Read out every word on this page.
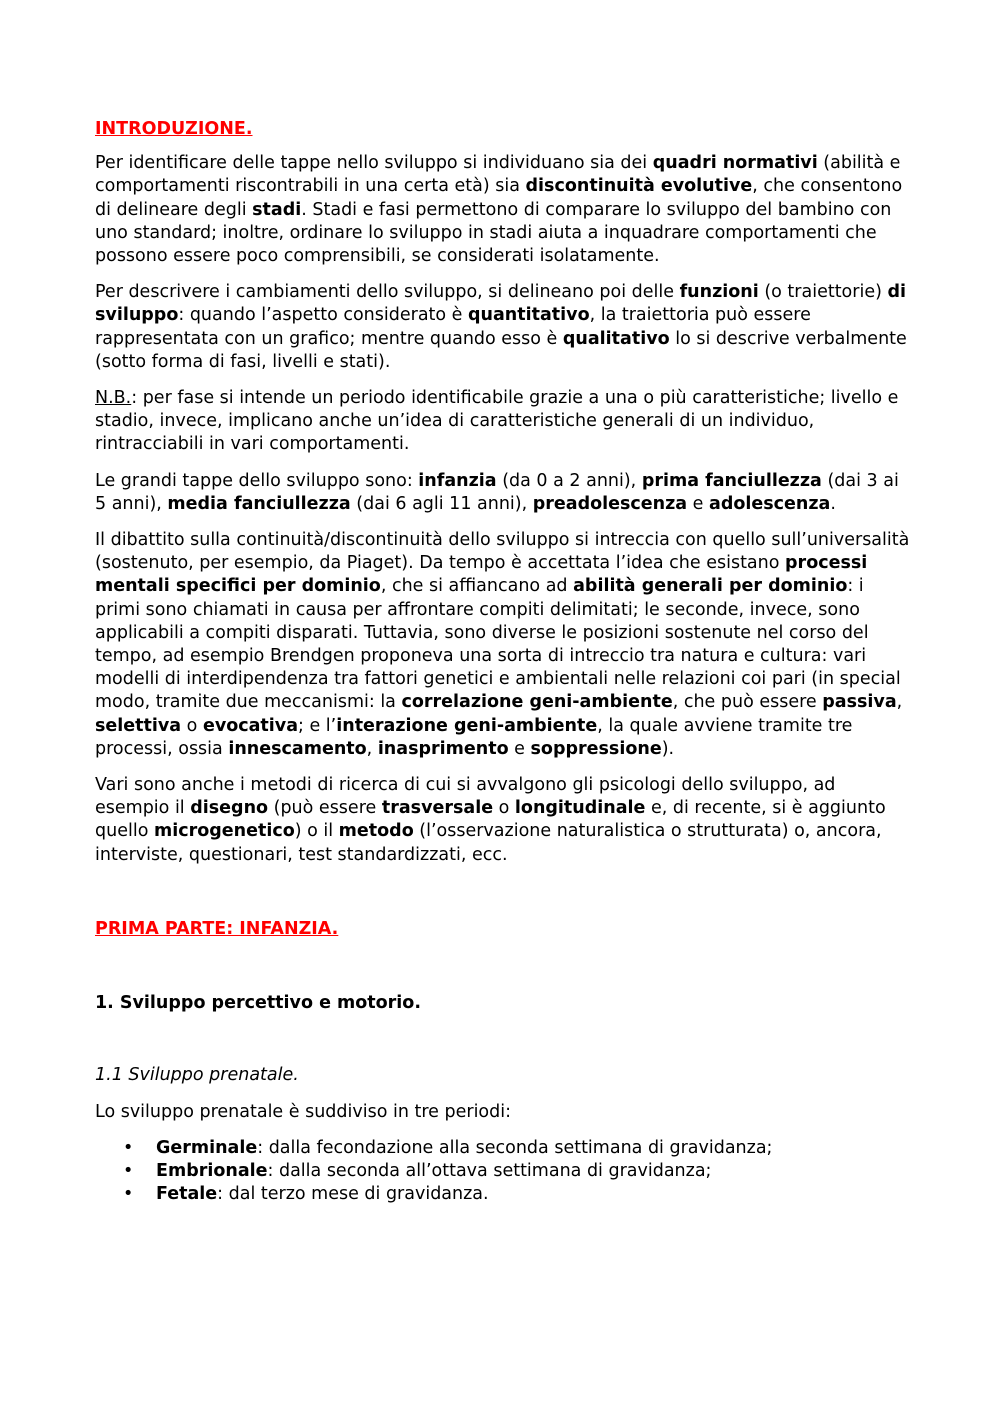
INTRODUZIONE.

Per identificare delle tappe nello sviluppo si individuano sia dei quadri normativi (abilità e comportamenti riscontrabili in una certa età) sia discontinuità evolutive, che consentono di delineare degli stadi. Stadi e fasi permettono di comparare lo sviluppo del bambino con uno standard; inoltre, ordinare lo sviluppo in stadi aiuta a inquadrare comportamenti che possono essere poco comprensibili, se considerati isolatamente.

Per descrivere i cambiamenti dello sviluppo, si delineano poi delle funzioni (o traiettorie) di sviluppo: quando l’aspetto considerato è quantitativo, la traiettoria può essere rappresentata con un grafico; mentre quando esso è qualitativo lo si descrive verbalmente (sotto forma di fasi, livelli e stati).

N.B.: per fase si intende un periodo identificabile grazie a una o più caratteristiche; livello e stadio, invece, implicano anche un’idea di caratteristiche generali di un individuo, rintracciabili in vari comportamenti.

Le grandi tappe dello sviluppo sono: infanzia (da 0 a 2 anni), prima fanciullezza (dai 3 ai 5 anni), media fanciullezza (dai 6 agli 11 anni), preadolescenza e adolescenza.

Il dibattito sulla continuità/discontinuità dello sviluppo si intreccia con quello sull’universalità (sostenuto, per esempio, da Piaget). Da tempo è accettata l’idea che esistano processi mentali specifici per dominio, che si affiancano ad abilità generali per dominio: i primi sono chiamati in causa per affrontare compiti delimitati; le seconde, invece, sono applicabili a compiti disparati. Tuttavia, sono diverse le posizioni sostenute nel corso del tempo, ad esempio Brendgen proponeva una sorta di intreccio tra natura e cultura: vari modelli di interdipendenza tra fattori genetici e ambientali nelle relazioni coi pari (in special modo, tramite due meccanismi: la correlazione geni-ambiente, che può essere passiva, selettiva o evocativa; e l’interazione geni-ambiente, la quale avviene tramite tre processi, ossia innescamento, inasprimento e soppressione).

Vari sono anche i metodi di ricerca di cui si avvalgono gli psicologi dello sviluppo, ad esempio il disegno (può essere trasversale o longitudinale e, di recente, si è aggiunto quello microgenetico) o il metodo (l’osservazione naturalistica o strutturata) o, ancora, interviste, questionari, test standardizzati, ecc.

PRIMA PARTE: INFANZIA.

1. Sviluppo percettivo e motorio.

1.1 Sviluppo prenatale.

Lo sviluppo prenatale è suddiviso in tre periodi:

• Germinale: dalla fecondazione alla seconda settimana di gravidanza;
• Embrionale: dalla seconda all’ottava settimana di gravidanza;
• Fetale: dal terzo mese di gravidanza.
